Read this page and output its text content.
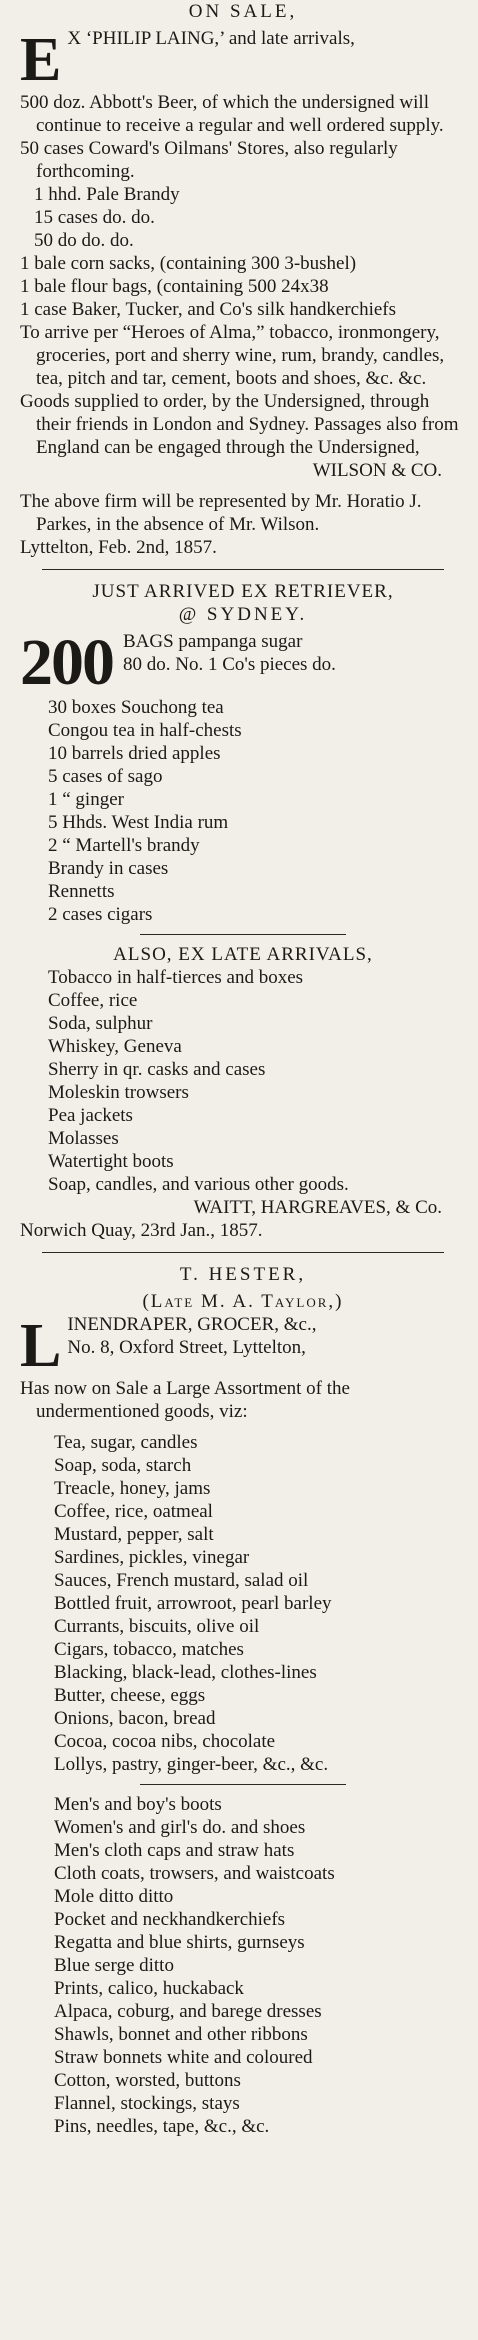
ON SALE,

E X ‘PHILIP LAING,’ and late arrivals,

500 doz. Abbott's Beer, of which the undersigned will continue to receive a regular and well ordered supply.

50 cases Coward's Oilmans' Stores, also regularly forthcoming.

1 hhd. Pale Brandy

15 cases do. do.

50 do do. do.

1 bale corn sacks, (containing 300 3-bushel)

1 bale flour bags, (containing 500 24x38

1 case Baker, Tucker, and Co's silk handkerchiefs

To arrive per “Heroes of Alma,” tobacco, ironmongery, groceries, port and sherry wine, rum, brandy, candles, tea, pitch and tar, cement, boots and shoes, &c. &c.

Goods supplied to order, by the Undersigned, through their friends in London and Sydney. Passages also from England can be engaged through the Undersigned,

WILSON & CO.

The above firm will be represented by Mr. Horatio J. Parkes, in the absence of Mr. Wilson.

Lyttelton, Feb. 2nd, 1857.

JUST ARRIVED EX RETRIEVER,

@ SYDNEY.

200 BAGS pampanga sugar

80 do. No. 1 Co's pieces do.

30 boxes Souchong tea
Congou tea in half-chests
10 barrels dried apples
5 cases of sago
1 “ ginger
5 Hhds. West India rum
2 “ Martell's brandy
Brandy in cases
Rennetts
2 cases cigars

ALSO, EX LATE ARRIVALS,

Tobacco in half-tierces and boxes
Coffee, rice
Soda, sulphur
Whiskey, Geneva
Sherry in qr. casks and cases
Moleskin trowsers
Pea jackets
Molasses
Watertight boots
Soap, candles, and various other goods.

WAITT, HARGREAVES, & Co.

Norwich Quay, 23rd Jan., 1857.

T. HESTER,

(Late M. A. Taylor,)

L INENDRAPER, GROCER, &c.,

No. 8, Oxford Street, Lyttelton,

Has now on Sale a Large Assortment of the undermentioned goods, viz:

Tea, sugar, candles
Soap, soda, starch
Treacle, honey, jams
Coffee, rice, oatmeal
Mustard, pepper, salt
Sardines, pickles, vinegar
Sauces, French mustard, salad oil
Bottled fruit, arrowroot, pearl barley
Currants, biscuits, olive oil
Cigars, tobacco, matches
Blacking, black-lead, clothes-lines
Butter, cheese, eggs
Onions, bacon, bread
Cocoa, cocoa nibs, chocolate
Lollys, pastry, ginger-beer, &c., &c.
Men's and boy's boots
Women's and girl's do. and shoes
Men's cloth caps and straw hats
Cloth coats, trowsers, and waistcoats
Mole ditto ditto
Pocket and neckhandkerchiefs
Regatta and blue shirts, gurnseys
Blue serge ditto
Prints, calico, huckaback
Alpaca, coburg, and barege dresses
Shawls, bonnet and other ribbons
Straw bonnets white and coloured
Cotton, worsted, buttons
Flannel, stockings, stays
Pins, needles, tape, &c., &c.
